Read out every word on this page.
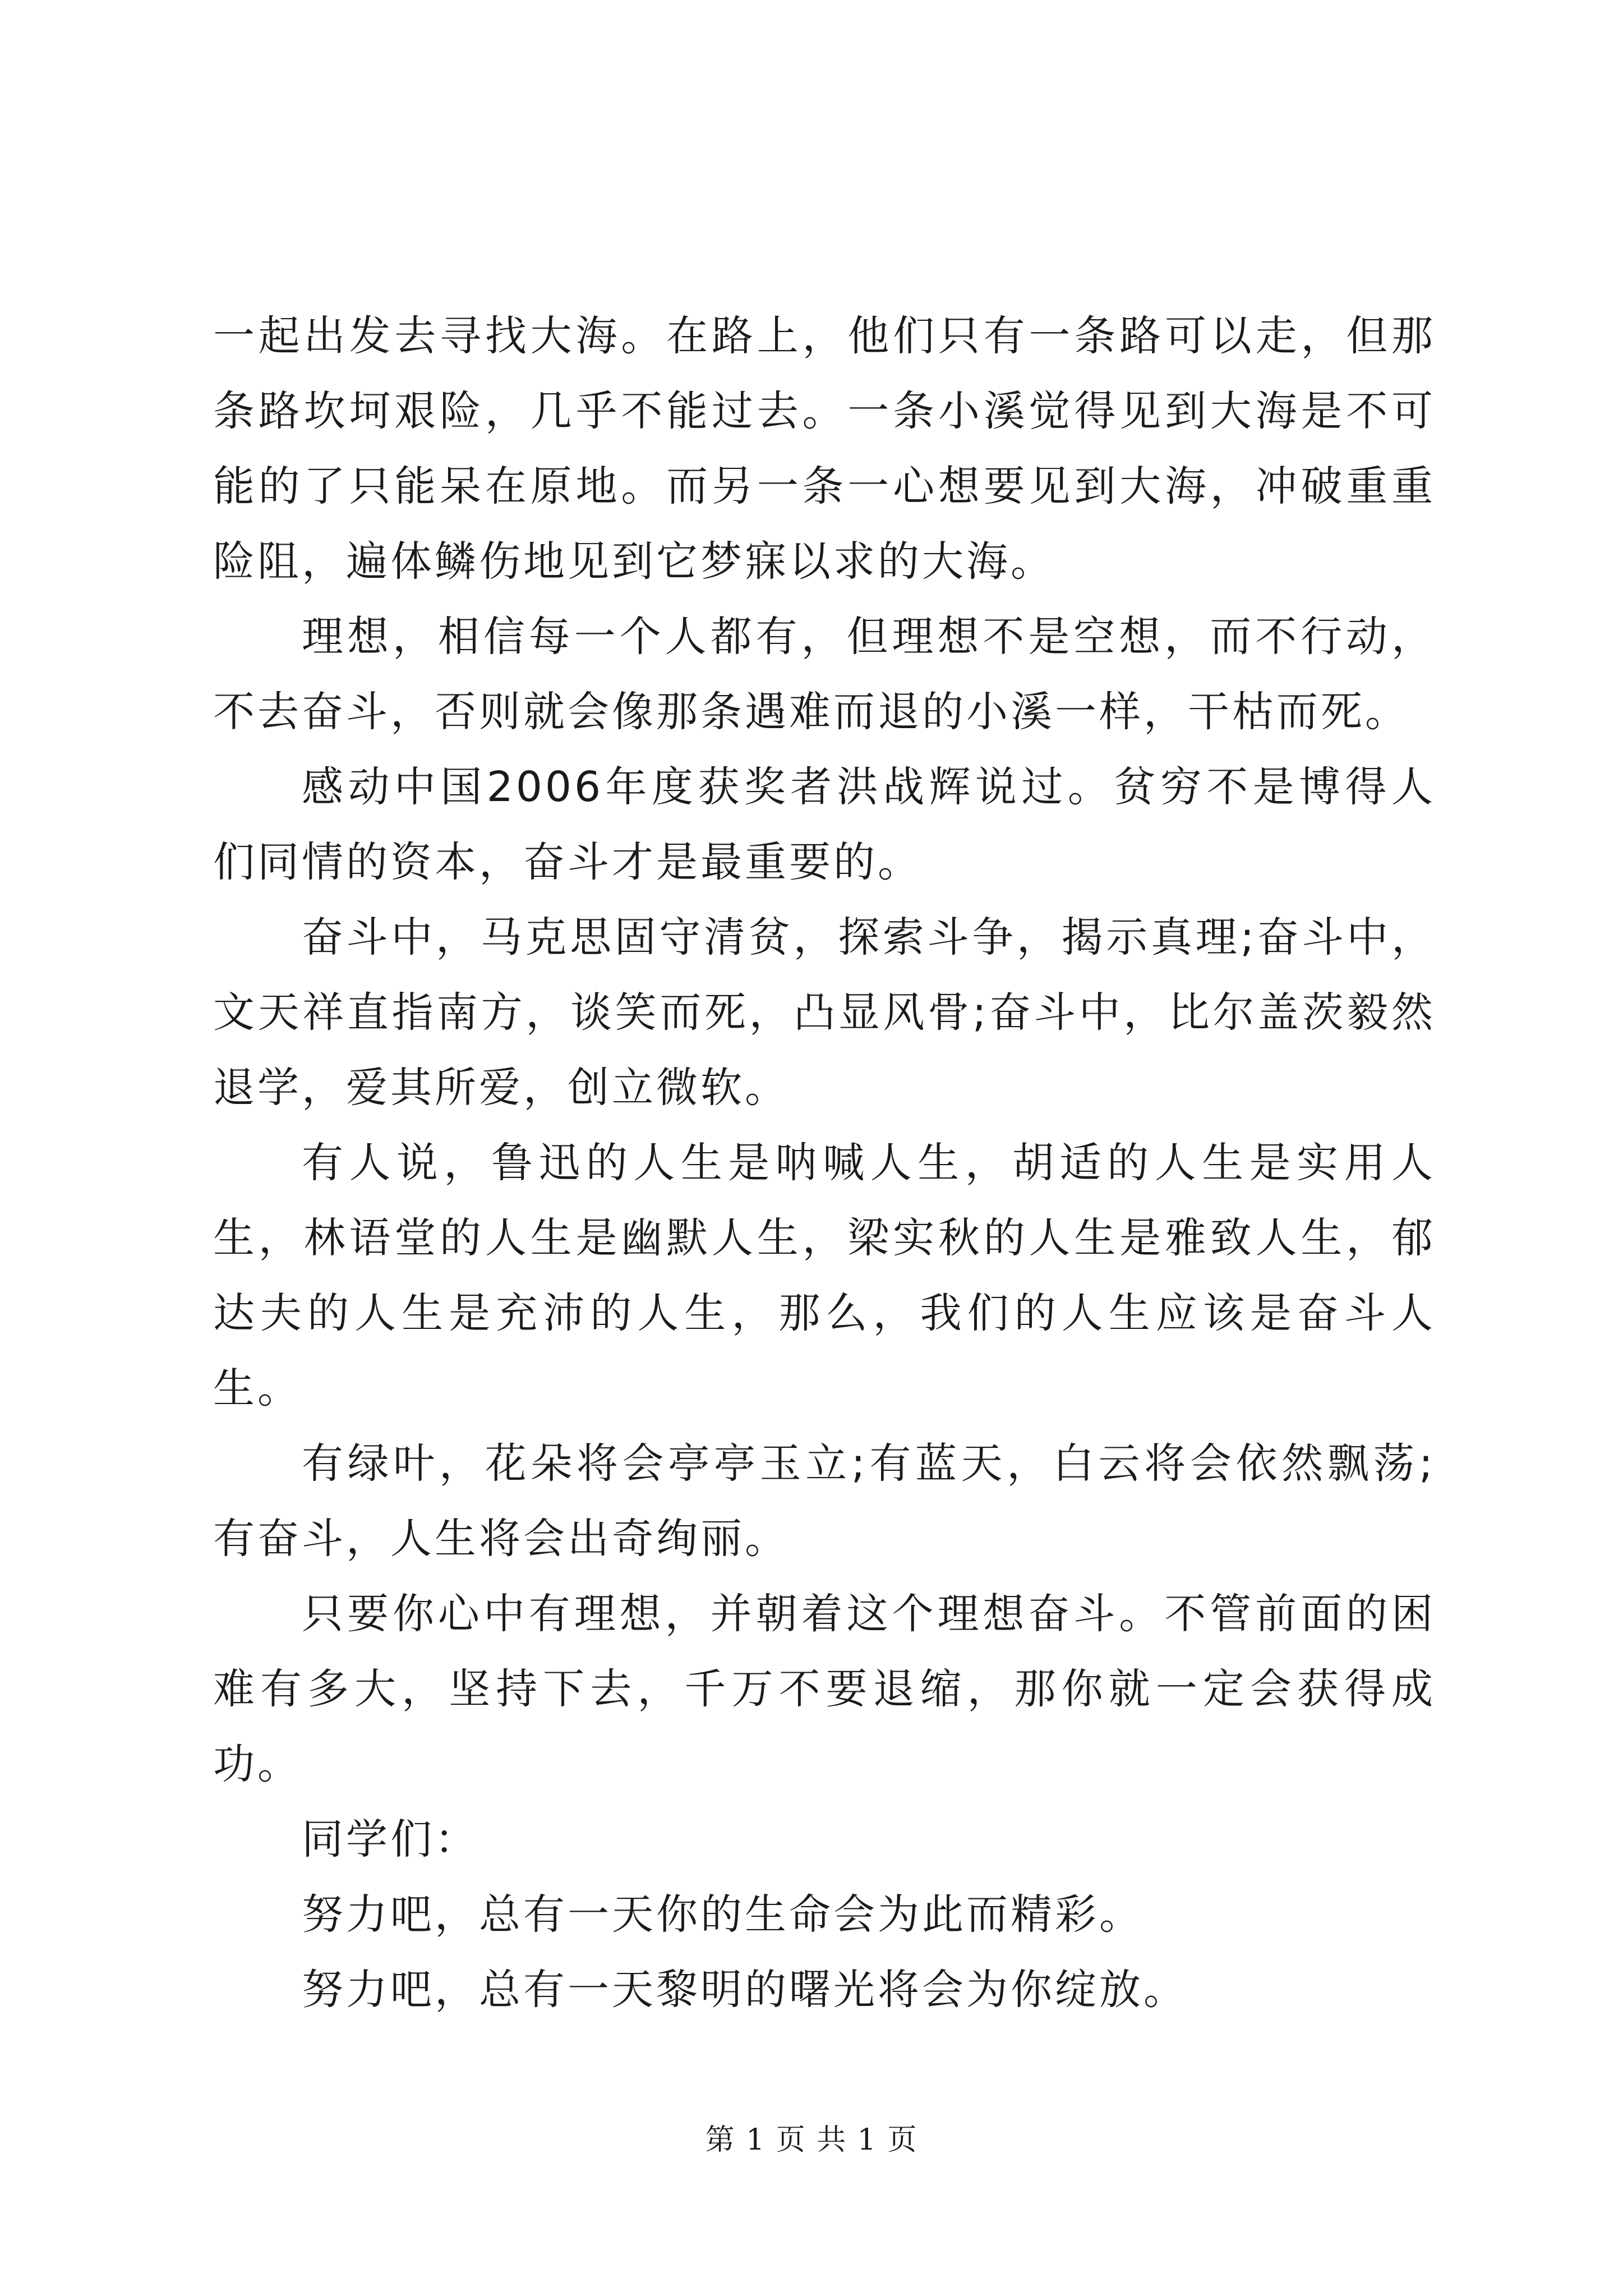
一起出发去寻找大海。在路上，他们只有一条路可以走，但那条路坎坷艰险，几乎不能过去。一条小溪觉得见到大海是不可能的了只能呆在原地。而另一条一心想要见到大海，冲破重重险阻，遍体鳞伤地见到它梦寐以求的大海。

理想，相信每一个人都有，但理想不是空想，而不行动，不去奋斗，否则就会像那条遇难而退的小溪一样，干枯而死。

感动中国2006年度获奖者洪战辉说过。贫穷不是博得人们同情的资本，奋斗才是最重要的。

奋斗中，马克思固守清贫，探索斗争，揭示真理;奋斗中，文天祥直指南方，谈笑而死，凸显风骨;奋斗中，比尔盖茨毅然退学，爱其所爱，创立微软。

有人说，鲁迅的人生是呐喊人生，胡适的人生是实用人生，林语堂的人生是幽默人生，梁实秋的人生是雅致人生，郁达夫的人生是充沛的人生，那么，我们的人生应该是奋斗人生。

有绿叶，花朵将会亭亭玉立;有蓝天，白云将会依然飘荡;有奋斗，人生将会出奇绚丽。

只要你心中有理想，并朝着这个理想奋斗。不管前面的困难有多大，坚持下去，千万不要退缩，那你就一定会获得成功。

同学们：

努力吧，总有一天你的生命会为此而精彩。

努力吧，总有一天黎明的曙光将会为你绽放。

第 1 页 共 1 页
